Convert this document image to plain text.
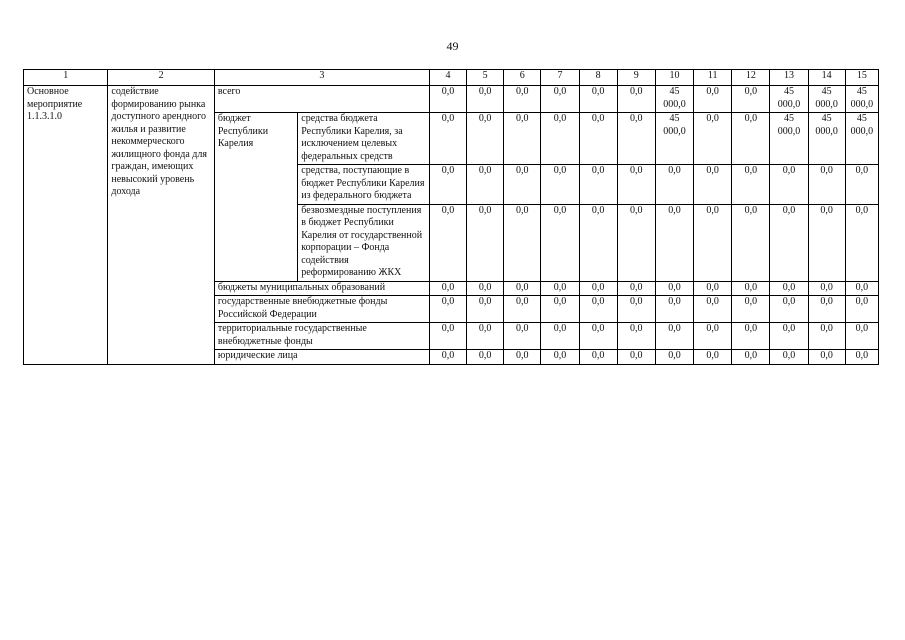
49
1	2	3		4	5	6	7	8	9	10	11	12	13	14	15
Основное мероприятие 1.1.3.1.0	содействие формированию рынка доступного арендного жилья и развитие некоммерческого жилищного фонда для граждан, имеющих невысокий уровень дохода	всего		0,0	0,0	0,0	0,0	0,0	0,0	45 000,0	0,0	0,0	45 000,0	45 000,0	45 000,0
		бюджет Республики Карелия	средства бюджета Республики Карелия, за исключением целевых федеральных средств	0,0	0,0	0,0	0,0	0,0	0,0	45 000,0	0,0	0,0	45 000,0	45 000,0	45 000,0
			средства, поступающие в бюджет Республики Карелия из федерального бюджета	0,0	0,0	0,0	0,0	0,0	0,0	0,0	0,0	0,0	0,0	0,0	0,0
			безвозмездные поступления в бюджет Республики Карелия от государственной корпорации – Фонда содействия реформированию ЖКХ	0,0	0,0	0,0	0,0	0,0	0,0	0,0	0,0	0,0	0,0	0,0	0,0
		бюджеты муниципальных образований		0,0	0,0	0,0	0,0	0,0	0,0	0,0	0,0	0,0	0,0	0,0	0,0
		государственные внебюджетные фонды Российской Федерации		0,0	0,0	0,0	0,0	0,0	0,0	0,0	0,0	0,0	0,0	0,0	0,0
		территориальные государственные внебюджетные фонды		0,0	0,0	0,0	0,0	0,0	0,0	0,0	0,0	0,0	0,0	0,0	0,0
		юридические лица		0,0	0,0	0,0	0,0	0,0	0,0	0,0	0,0	0,0	0,0	0,0	0,0
